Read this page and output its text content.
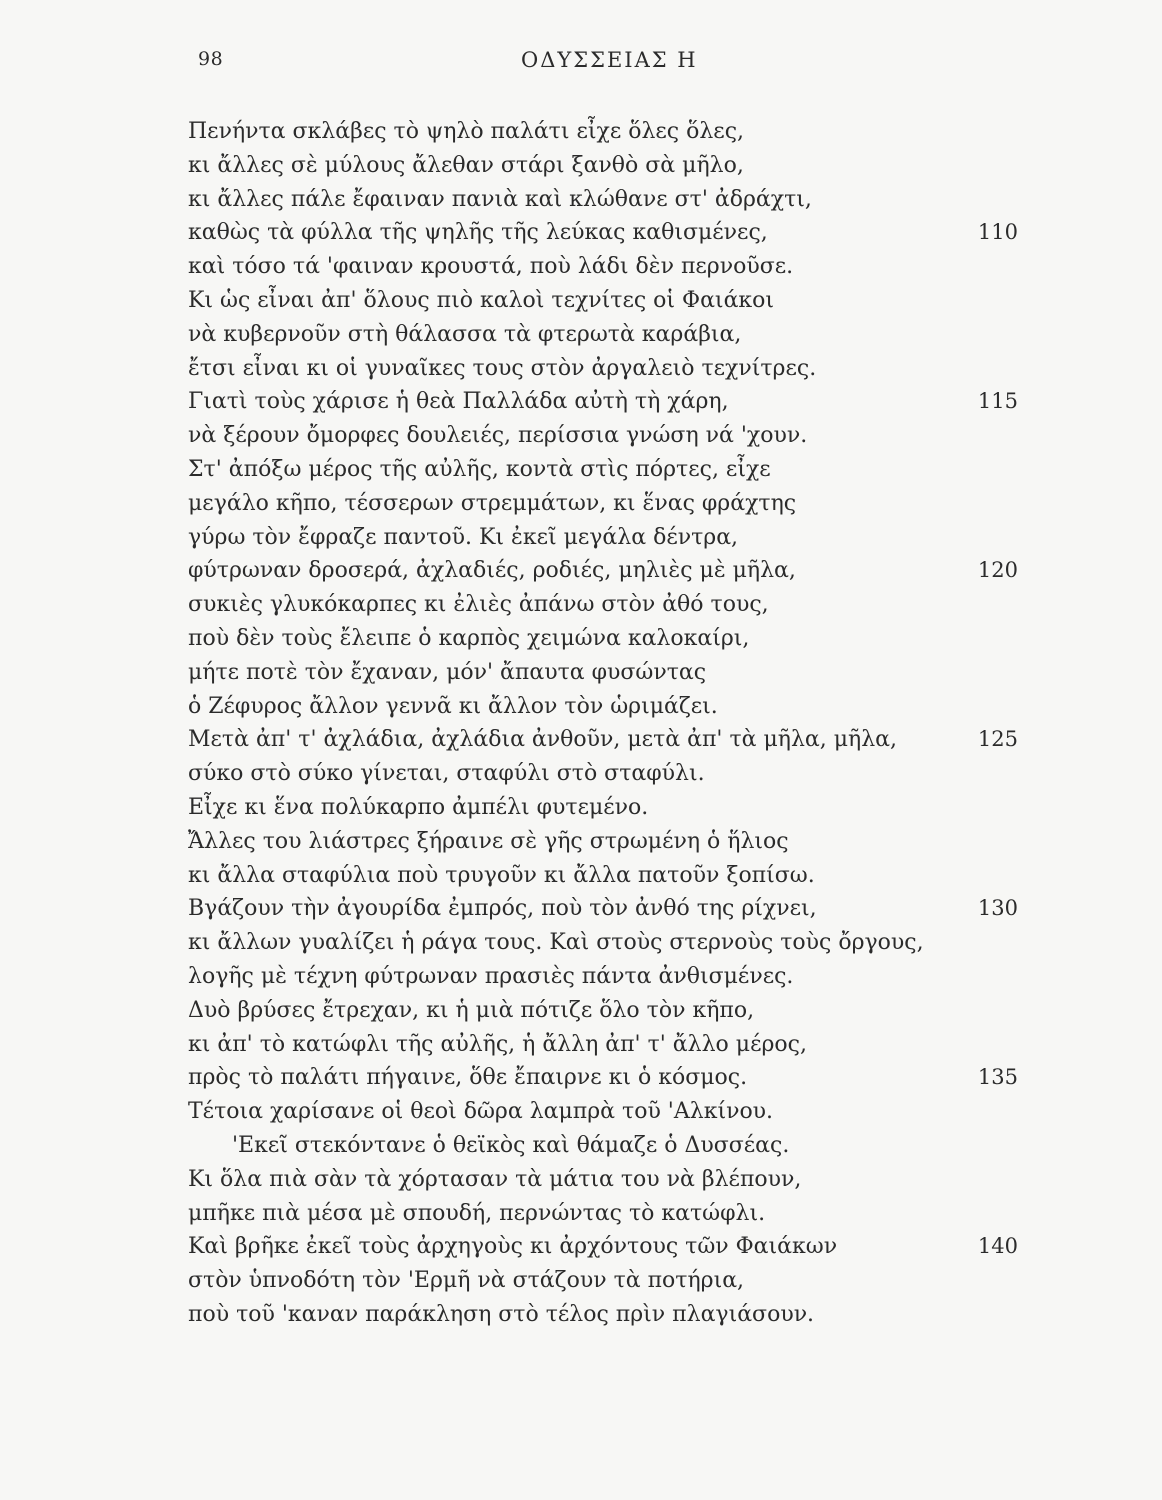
98	ΟΔΥΣΣΕΙΑΣ Η
Πενήντα σκλάβες τὸ ψηλὸ παλάτι εἶχε ὅλες ὅλες,
κι ἄλλες σὲ μύλους ἄλεθαν στάρι ξανθὸ σὰ μῆλο,
κι ἄλλες πάλε ἔφαιναν πανιὰ καὶ κλώθανε στ' ἀδράχτι,
καθὼς τὰ φύλλα τῆς ψηλῆς τῆς λεύκας καθισμένες,	110
καὶ τόσο τά 'φαιναν κρουστά, ποὺ λάδι δὲν περνοῦσε.
Κι ὡς εἶναι ἀπ' ὅλους πιὸ καλοὶ τεχνίτες οἱ Φαιάκοι
νὰ κυβερνοῦν στὴ θάλασσα τὰ φτερωτὰ καράβια,
ἔτσι εἶναι κι οἱ γυναῖκες τους στὸν ἀργαλειὸ τεχνίτρες.
Γιατὶ τοὺς χάρισε ἡ θεὰ Παλλάδα αὐτὴ τὴ χάρη,	115
νὰ ξέρουν ὄμορφες δουλειές, περίσσια γνώση νά 'χουν.
Στ' ἀπόξω μέρος τῆς αὐλῆς, κοντὰ στὶς πόρτες, εἶχε
μεγάλο κῆπο, τέσσερων στρεμμάτων, κι ἕνας φράχτης
γύρω τὸν ἔφραζε παντοῦ. Κι ἐκεῖ μεγάλα δέντρα,
φύτρωναν δροσερά, ἀχλαδιές, ροδιές, μηλιὲς μὲ μῆλα,	120
συκιὲς γλυκόκαρπες κι ἐλιὲς ἀπάνω στὸν ἀθό τους,
ποὺ δὲν τοὺς ἔλειπε ὁ καρπὸς χειμώνα καλοκαίρι,
μήτε ποτὲ τὸν ἔχαναν, μόν' ἄπαυτα φυσώντας
ὁ Ζέφυρος ἄλλον γεννᾶ κι ἄλλον τὸν ὡριμάζει.
Μετὰ ἀπ' τ' ἀχλάδια, ἀχλάδια ἀνθοῦν, μετὰ ἀπ' τὰ μῆλα, μῆλα,	125
σύκο στὸ σύκο γίνεται, σταφύλι στὸ σταφύλι.
Εἶχε κι ἕνα πολύκαρπο ἀμπέλι φυτεμένο.
Ἄλλες του λιάστρες ξήραινε σὲ γῆς στρωμένη ὁ ἥλιος
κι ἄλλα σταφύλια ποὺ τρυγοῦν κι ἄλλα πατοῦν ξοπίσω.
Βγάζουν τὴν ἀγουρίδα ἐμπρός, ποὺ τὸν ἀνθό της ρίχνει,	130
κι ἄλλων γυαλίζει ἡ ράγα τους. Καὶ στοὺς στερνοὺς τοὺς ὄργους,
λογῆς μὲ τέχνη φύτρωναν πρασιὲς πάντα ἀνθισμένες.
Δυὸ βρύσες ἔτρεχαν, κι ἡ μιὰ πότιζε ὅλο τὸν κῆπο,
κι ἀπ' τὸ κατώφλι τῆς αὐλῆς, ἡ ἄλλη ἀπ' τ' ἄλλο μέρος,
πρὸς τὸ παλάτι πήγαινε, ὅθε ἔπαιρνε κι ὁ κόσμος.	135
Τέτοια χαρίσανε οἱ θεοὶ δῶρα λαμπρὰ τοῦ 'Αλκίνου.
'Εκεῖ στεκόντανε ὁ θεϊκὸς καὶ θάμαζε ὁ Δυσσέας.
Κι ὅλα πιὰ σὰν τὰ χόρτασαν τὰ μάτια του νὰ βλέπουν,
μπῆκε πιὰ μέσα μὲ σπουδή, περνώντας τὸ κατώφλι.
Καὶ βρῆκε ἐκεῖ τοὺς ἀρχηγοὺς κι ἀρχόντους τῶν Φαιάκων	140
στὸν ὑπνοδότη τὸν 'Ερμῆ νὰ στάζουν τὰ ποτήρια,
ποὺ τοῦ 'καναν παράκληση στὸ τέλος πρὶν πλαγιάσουν.
